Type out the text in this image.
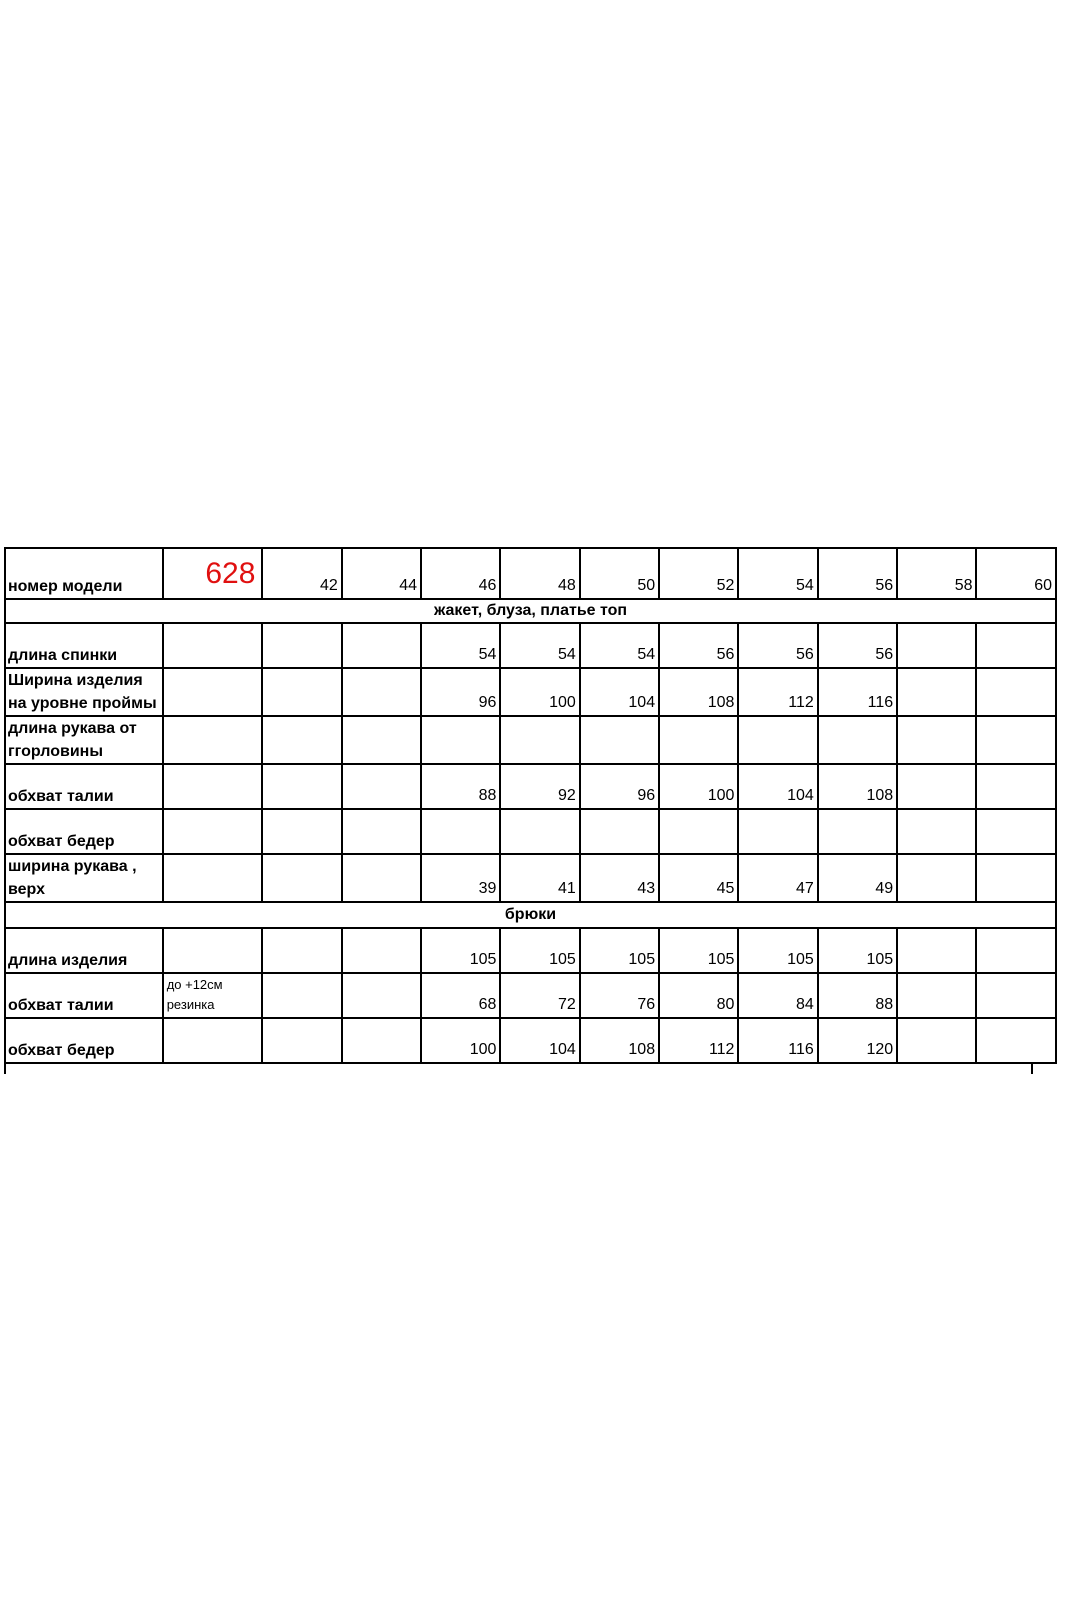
номер модели	628	42	44	46	48	50	52	54	56	58	60
жакет, блуза, платье топ											

длина спинки				54	54	54	56	56	56		

Ширина изделия
на уровне проймы				96	100	104	108	112	116		

длина рукава от
ггорловины											

обхват талии				88	92	96	100	104	108		

обхват бедер											

ширина рукава ,
верх				39	41	43	45	47	49		
брюки											

длина изделия				105	105	105	105	105	105		

обхват талии	до +12см резинка			68	72	76	80	84	88		

обхват бедер				100	104	108	112	116	120		
